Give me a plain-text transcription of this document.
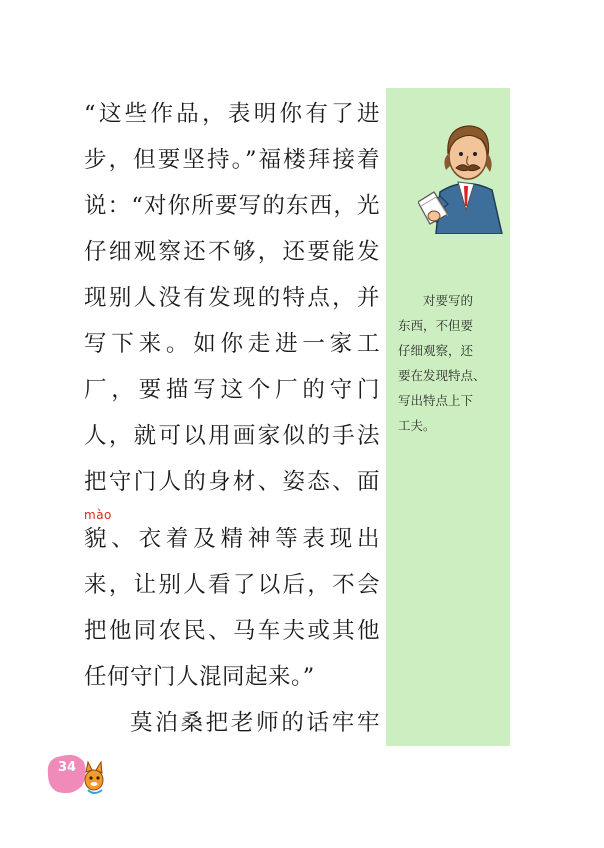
“这些作品，表明你有了进
步，但要坚持。”福楼拜接着
说：“对你所要写的东西，光
仔细观察还不够，还要能发
现别人没有发现的特点，并
写下来。如你走进一家工
厂，要描写这个厂的守门
人，就可以用画家似的手法
把守门人的身材、姿态、面
貌、衣着及精神等表现出
来，让别人看了以后，不会
把他同农民、马车夫或其他
任何守门人混同起来。”
莫泊桑把老师的话牢牢
mào
对要写的
东西，不但要
仔细观察，还
要在发现特点、
写出特点上下
工夫。
34
